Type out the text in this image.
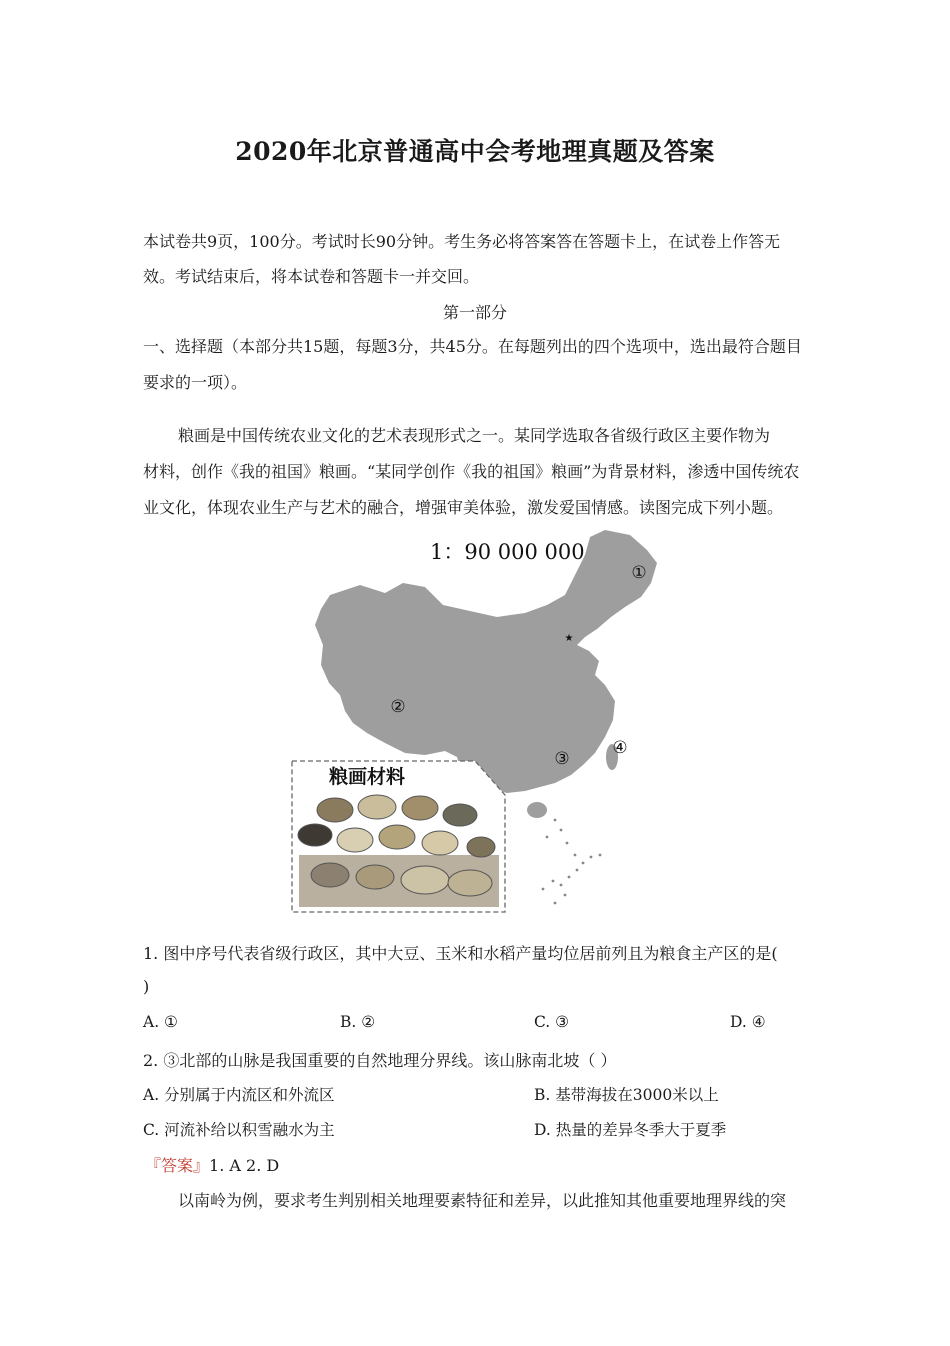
2020年北京普通高中会考地理真题及答案
本试卷共9页，100分。考试时长90分钟。考生务必将答案答在答题卡上，在试卷上作答无
效。考试结束后，将本试卷和答题卡一并交回。
第一部分
一、选择题（本部分共15题，每题3分，共45分。在每题列出的四个选项中，选出最符合题目
要求的一项）。
粮画是中国传统农业文化的艺术表现形式之一。某同学选取各省级行政区主要作物为
材料，创作《我的祖国》粮画。“某同学创作《我的祖国》粮画”为背景材料，渗透中国传统农
业文化，体现农业生产与艺术的融合，增强审美体验，激发爱国情感。读图完成下列小题。
★
1：90 000 000
①
②
③
④
粮画材料
1. 图中序号代表省级行政区，其中大豆、玉米和水稻产量均位居前列且为粮食主产区的是(
)
A. ①	B. ②	C. ③	D. ④
2. ③北部的山脉是我国重要的自然地理分界线。该山脉南北坡（ ）
A. 分别属于内流区和外流区	B. 基带海拔在3000米以上
C. 河流补给以积雪融水为主	D. 热量的差异冬季大于夏季
『答案』1. A 2. D
以南岭为例，要求考生判别相关地理要素特征和差异，以此推知其他重要地理界线的突
